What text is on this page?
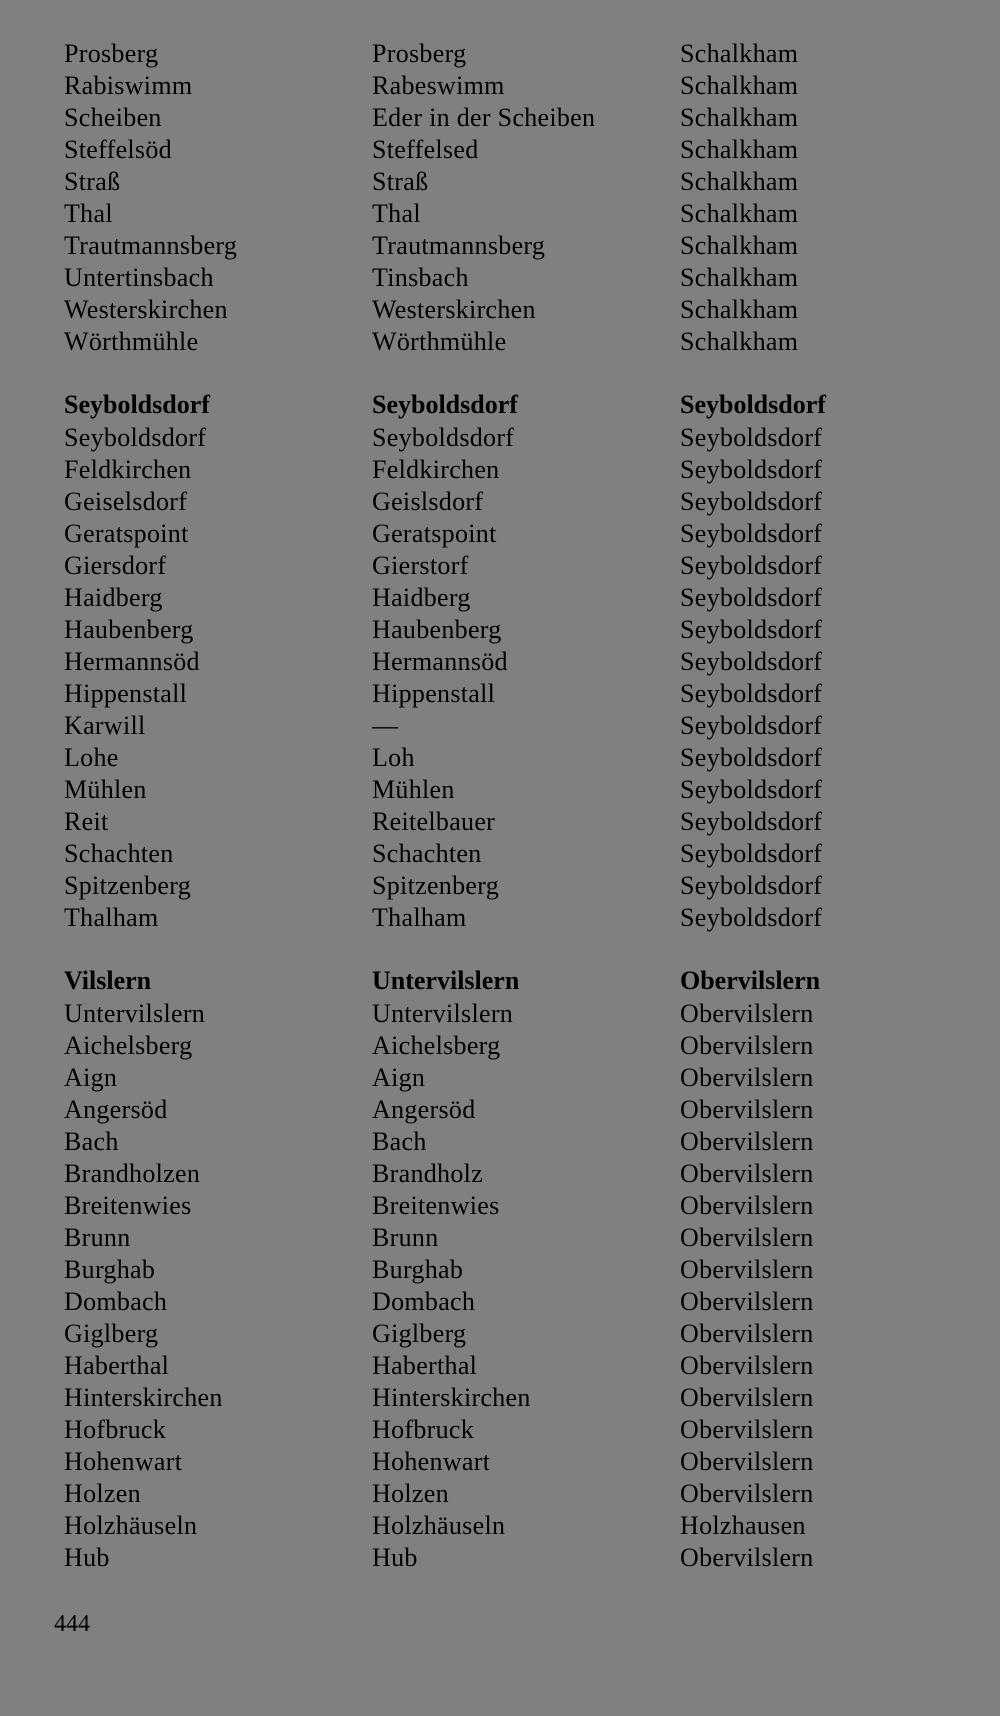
Prosberg
Rabiswimm
Scheiben
Steffelsöd
Straß
Thal
Trautmannsberg
Untertinsbach
Westerskirchen
Wörthmühle
Seyboldsdorf
Seyboldsdorf
Feldkirchen
Geiselsdorf
Geratspoint
Giersdorf
Haidberg
Haubenberg
Hermannsöd
Hippenstall
Karwill
Lohe
Mühlen
Reit
Schachten
Spitzenberg
Thalham
Vilslern
Untervilslern
Aichelsberg
Aign
Angersöd
Bach
Brandholzen
Breitenwies
Brunn
Burghab
Dombach
Giglberg
Haberthal
Hinterskirchen
Hofbruck
Hohenwart
Holzen
Holzhäuseln
Hub
Prosberg
Rabeswimm
Eder in der Scheiben
Steffelsed
Straß
Thal
Trautmannsberg
Tinsbach
Westerskirchen
Wörthmühle
Seyboldsdorf
Seyboldsdorf
Feldkirchen
Geislsdorf
Geratspoint
Gierstorf
Haidberg
Haubenberg
Hermannsöd
Hippenstall
—
Loh
Mühlen
Reitelbauer
Schachten
Spitzenberg
Thalham
Untervilslern
Untervilslern
Aichelsberg
Aign
Angersöd
Bach
Brandholz
Breitenwies
Brunn
Burghab
Dombach
Giglberg
Haberthal
Hinterskirchen
Hofbruck
Hohenwart
Holzen
Holzhäuseln
Hub
Schalkham
Schalkham
Schalkham
Schalkham
Schalkham
Schalkham
Schalkham
Schalkham
Schalkham
Schalkham
Seyboldsdorf
Seyboldsdorf
Seyboldsdorf
Seyboldsdorf
Seyboldsdorf
Seyboldsdorf
Seyboldsdorf
Seyboldsdorf
Seyboldsdorf
Seyboldsdorf
Seyboldsdorf
Seyboldsdorf
Seyboldsdorf
Seyboldsdorf
Seyboldsdorf
Seyboldsdorf
Seyboldsdorf
Obervilslern
Obervilslern
Obervilslern
Obervilslern
Obervilslern
Obervilslern
Obervilslern
Obervilslern
Obervilslern
Obervilslern
Obervilslern
Obervilslern
Obervilslern
Obervilslern
Obervilslern
Obervilslern
Obervilslern
Holzhausen
Obervilslern
444
